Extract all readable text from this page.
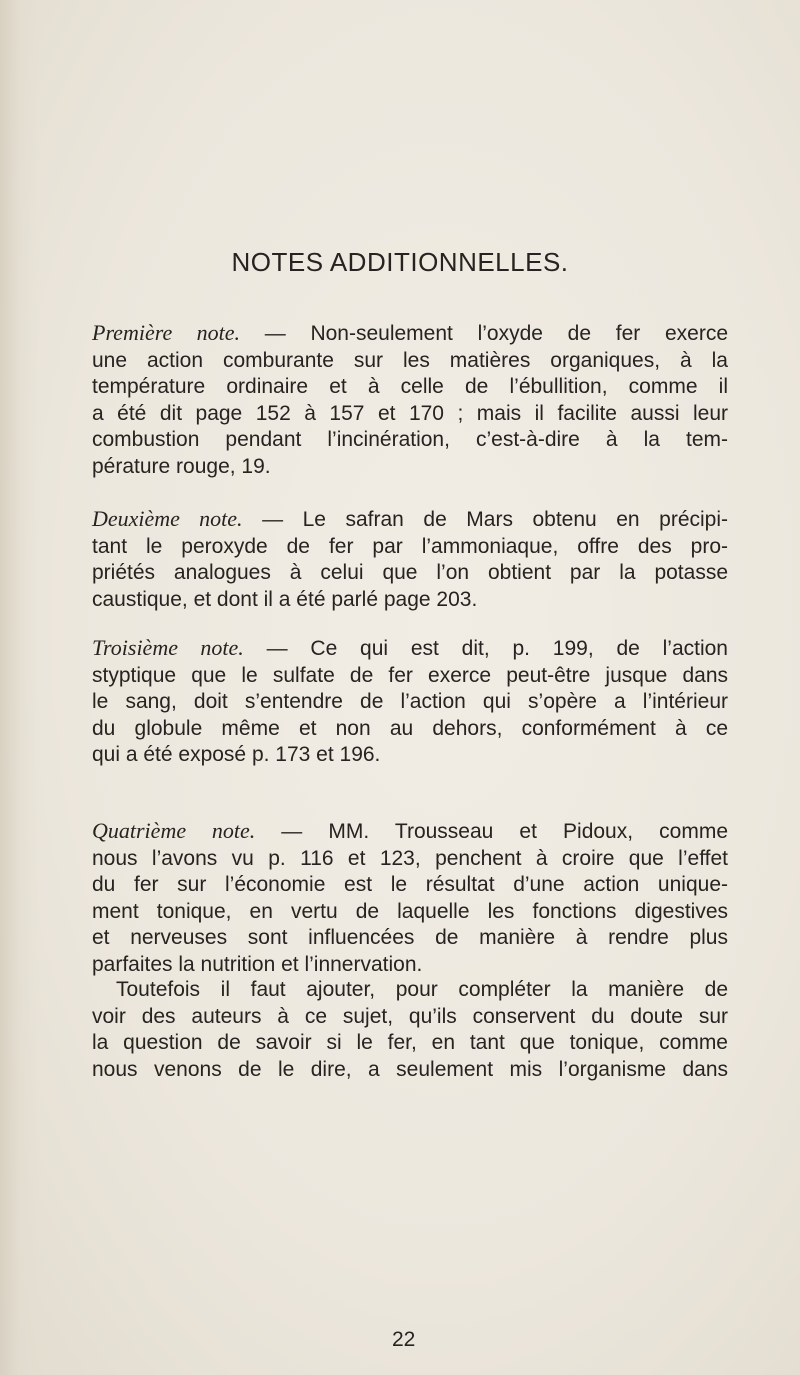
NOTES ADDITIONNELLES.
Première note. — Non-seulement l’oxyde de fer exerce
une action comburante sur les matières organiques, à la
température ordinaire et à celle de l’ébullition, comme il
a été dit page 152 à 157 et 170 ; mais il facilite aussi leur
combustion pendant l’incinération, c’est-à-dire à la tem-
pérature rouge, 19.
Deuxième note. — Le safran de Mars obtenu en précipi-
tant le peroxyde de fer par l’ammoniaque, offre des pro-
priétés analogues à celui que l’on obtient par la potasse
caustique, et dont il a été parlé page 203.
Troisième note. — Ce qui est dit, p. 199, de l’action
styptique que le sulfate de fer exerce peut-être jusque dans
le sang, doit s’entendre de l’action qui s’opère a l’intérieur
du globule même et non au dehors, conformément à ce
qui a été exposé p. 173 et 196.
Quatrième note. — MM. Trousseau et Pidoux, comme
nous l’avons vu p. 116 et 123, penchent à croire que l’effet
du fer sur l’économie est le résultat d’une action unique-
ment tonique, en vertu de laquelle les fonctions digestives
et nerveuses sont influencées de manière à rendre plus
parfaites la nutrition et l’innervation.
Toutefois il faut ajouter, pour compléter la manière de
voir des auteurs à ce sujet, qu’ils conservent du doute sur
la question de savoir si le fer, en tant que tonique, comme
nous venons de le dire, a seulement mis l’organisme dans
22
